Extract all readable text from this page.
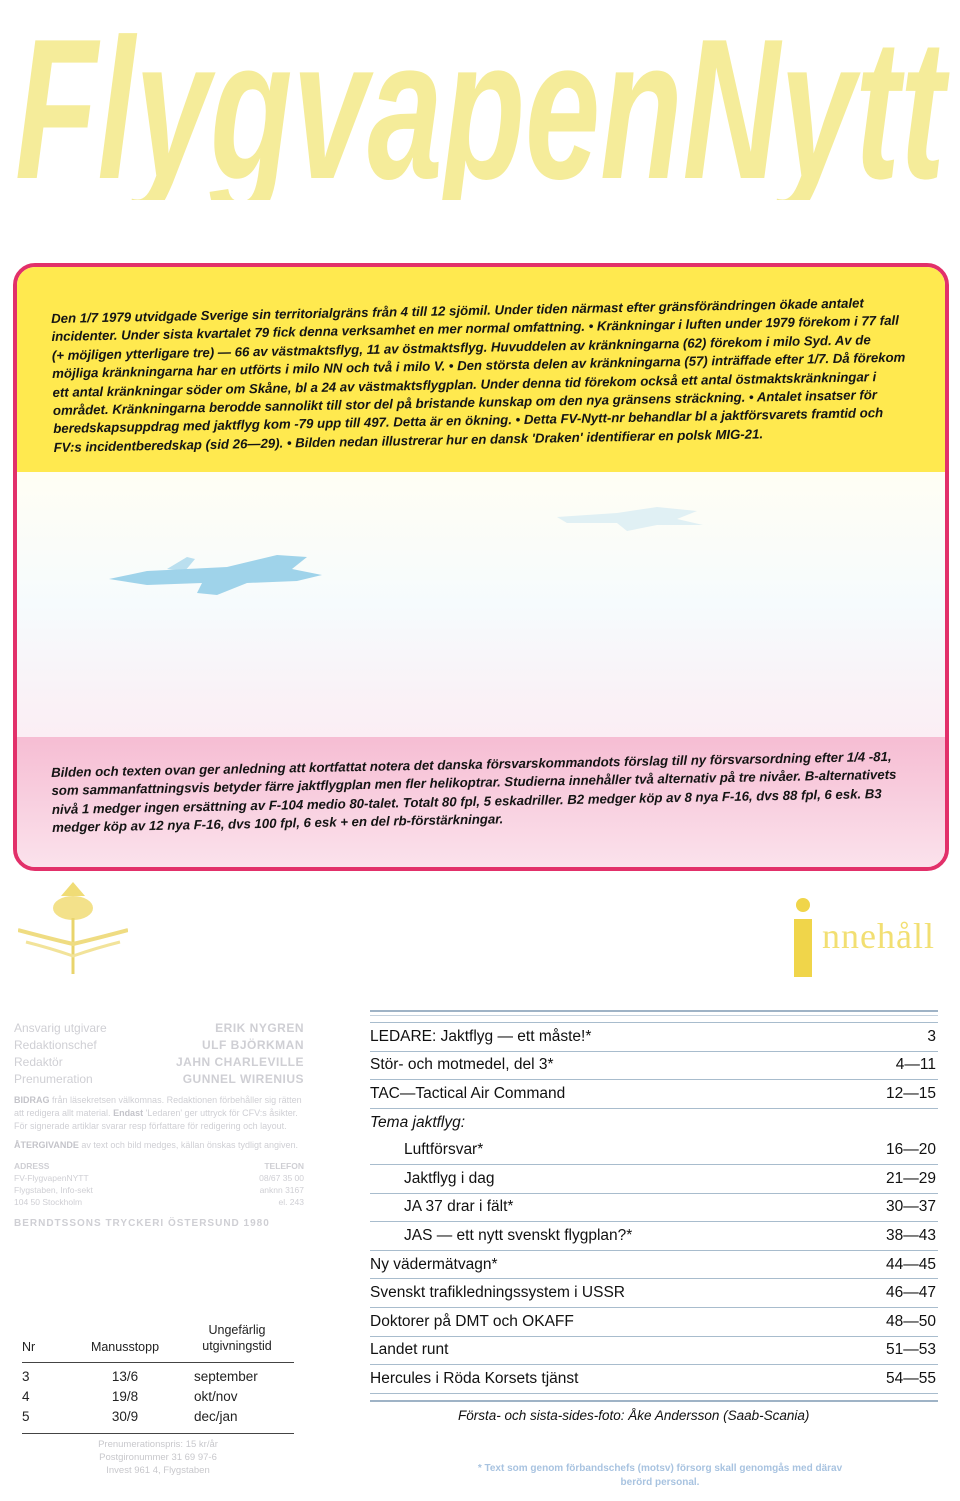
FlygvapenNytt

Den 1/7 1979 utvidgade Sverige sin territorialgräns från 4 till 12 sjömil. Under tiden närmast efter gränsförändringen ökade antalet incidenter. Under sista kvartalet 79 fick denna verksamhet en mer normal omfattning. • Kränkningar i luften under 1979 förekom i 77 fall (+ möjligen ytterligare tre) — 66 av västmaktsflyg, 11 av östmaktsflyg. Huvuddelen av kränkningarna (62) förekom i milo Syd. Av de möjliga kränkningarna har en utförts i milo NN och två i milo V. • Den största delen av kränkningarna (57) inträffade efter 1/7. Då förekom ett antal kränkningar söder om Skåne, bl a 24 av västmaktsflygplan. Under denna tid förekom också ett antal östmaktskränkningar i området. Kränkningarna berodde sannolikt till stor del på bristande kunskap om den nya gränsens sträckning. • Antalet insatser för beredskapsuppdrag med jaktflyg kom -79 upp till 497. Detta är en ökning. • Detta FV-Nytt-nr behandlar bl a jaktförsvarets framtid och FV:s incidentberedskap (sid 26—29). • Bilden nedan illustrerar hur en dansk 'Draken' identifierar en polsk MIG-21.

Bilden och texten ovan ger anledning att kortfattat notera det danska försvarskommandots förslag till ny försvarsordning efter 1/4 -81, som sammanfattningsvis betyder färre jaktflygplan men fler helikoptrar. Studierna innehåller två alternativ på tre nivåer. B-alternativets nivå 1 medger ingen ersättning av F-104 medio 80-talet. Totalt 80 fpl, 5 eskadriller. B2 medger köp av 8 nya F-16, dvs 88 fpl, 6 esk. B3 medger köp av 12 nya F-16, dvs 100 fpl, 6 esk + en del rb-förstärkningar.

nnehåll
Ansvarig utgivare	ERIK NYGREN
Redaktionschef	ULF BJÖRKMAN
Redaktör	JAHN CHARLEVILLE
Prenumeration	GUNNEL WIRENIUS
BIDRAG från läsekretsen välkomnas. Redaktionen förbehåller sig rätten att redigera allt material. Endast 'Ledaren' ger uttryck för CFV:s åsikter. För signerade artiklar svarar resp författare för redigering och layout.
ÅTERGIVANDE av text och bild medges, källan önskas tydligt angiven.
ADRESS
FV-FlygvapenNYTT
Flygstaben, Info-sekt
104 50 Stockholm
TELEFON
08/67 35 00
anknn 3167
el. 243
BERNDTSSONS TRYCKERI ÖSTERSUND 1980
Nr	Manusstopp
Ungefärlig utgivningstid
3	13/6	september
4	19/8	okt/nov
5	30/9	dec/jan
Prenumerationspris: 15 kr/år
Postgironummer 31 69 97-6
Invest 961 4, Flygstaben
LEDARE: Jaktflyg — ett måste!*	3
Stör- och motmedel, del 3*	4—11
TAC—Tactical Air Command	12—15
Tema jaktflyg:
Luftförsvar*	16—20
Jaktflyg i dag	21—29
JA 37 drar i fält*	30—37
JAS — ett nytt svenskt flygplan?*	38—43
Ny vädermätvagn*	44—45
Svenskt trafikledningssystem i USSR	46—47
Doktorer på DMT och OKAFF	48—50
Landet runt	51—53
Hercules i Röda Korsets tjänst	54—55
Första- och sista-sides-foto: Åke Andersson (Saab-Scania)
* Text som genom förbandschefs (motsv) försorg skall genomgås med därav berörd personal.
